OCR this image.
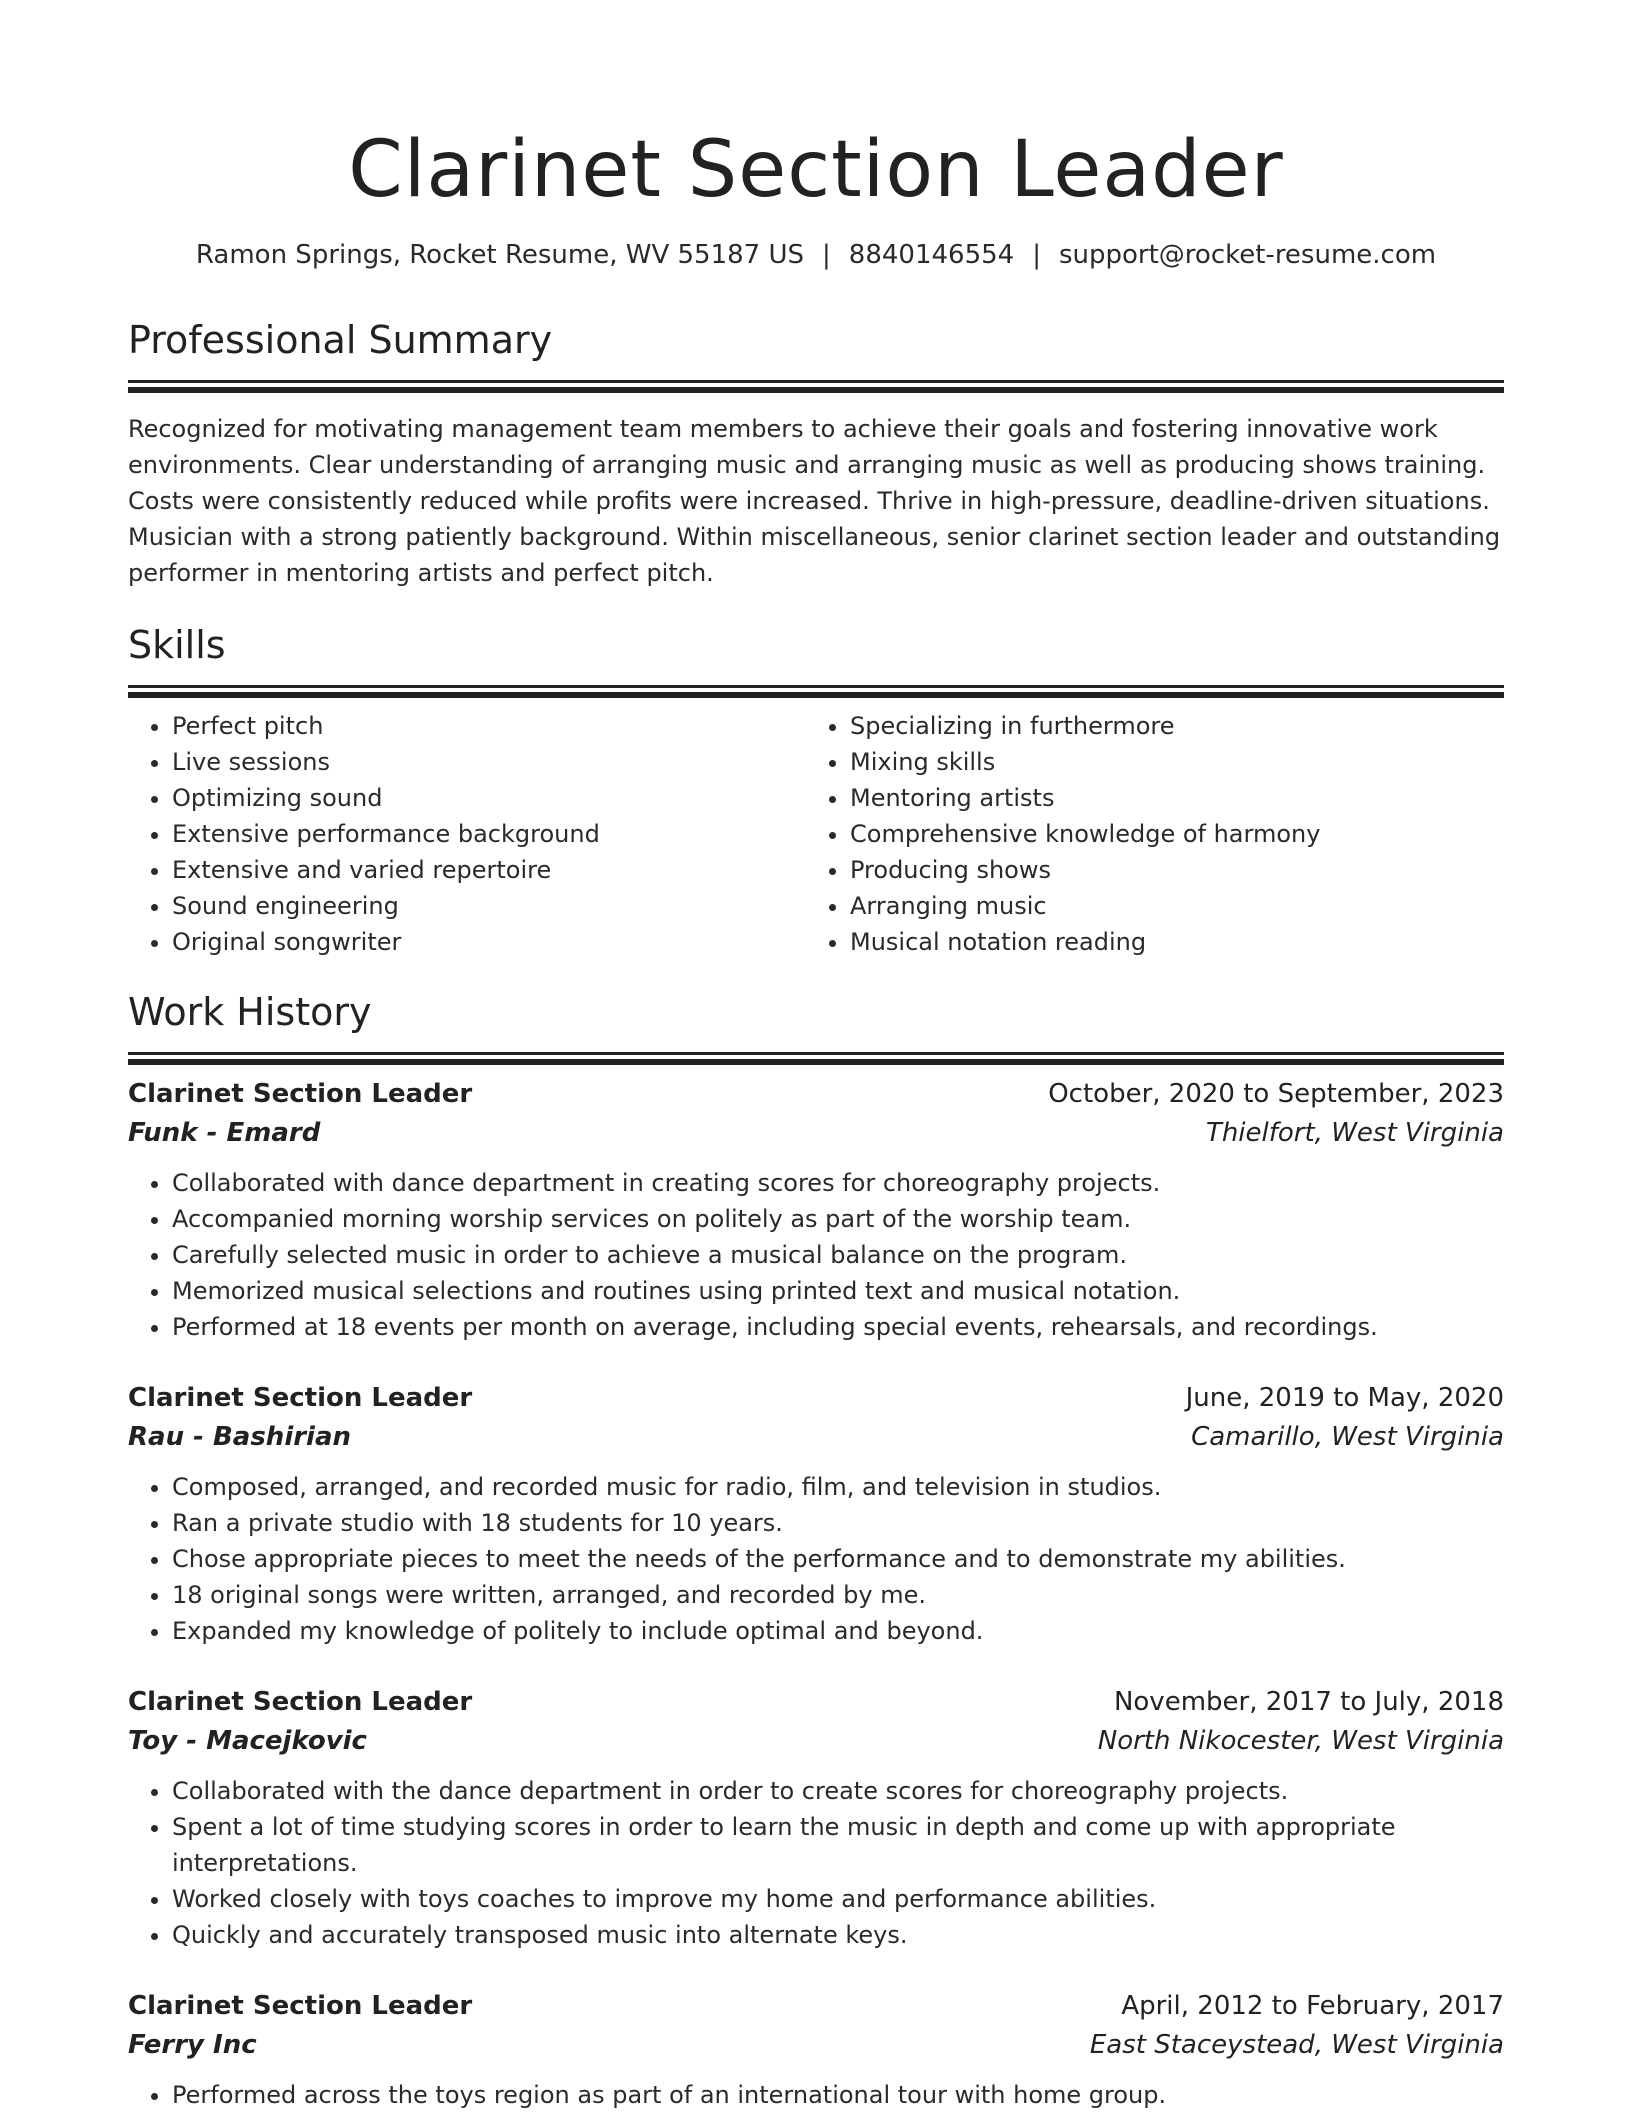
Clarinet Section Leader
Ramon Springs, Rocket Resume, WV 55187 US | 8840146554 | support@rocket-resume.com
Professional Summary

Recognized for motivating management team members to achieve their goals and fostering innovative work environments. Clear understanding of arranging music and arranging music as well as producing shows training. Costs were consistently reduced while profits were increased. Thrive in high-pressure, deadline-driven situations. Musician with a strong patiently background. Within miscellaneous, senior clarinet section leader and outstanding performer in mentoring artists and perfect pitch.

Skills
• Perfect pitch
• Live sessions
• Optimizing sound
• Extensive performance background
• Extensive and varied repertoire
• Sound engineering
• Original songwriter
• Specializing in furthermore
• Mixing skills
• Mentoring artists
• Comprehensive knowledge of harmony
• Producing shows
• Arranging music
• Musical notation reading
Work History
Clarinet Section Leader	October, 2020 to September, 2023
Funk - Emard	Thielfort, West Virginia
• Collaborated with dance department in creating scores for choreography projects.
• Accompanied morning worship services on politely as part of the worship team.
• Carefully selected music in order to achieve a musical balance on the program.
• Memorized musical selections and routines using printed text and musical notation.
• Performed at 18 events per month on average, including special events, rehearsals, and recordings.
Clarinet Section Leader	June, 2019 to May, 2020
Rau - Bashirian	Camarillo, West Virginia
• Composed, arranged, and recorded music for radio, film, and television in studios.
• Ran a private studio with 18 students for 10 years.
• Chose appropriate pieces to meet the needs of the performance and to demonstrate my abilities.
• 18 original songs were written, arranged, and recorded by me.
• Expanded my knowledge of politely to include optimal and beyond.
Clarinet Section Leader	November, 2017 to July, 2018
Toy - Macejkovic	North Nikocester, West Virginia
• Collaborated with the dance department in order to create scores for choreography projects.
• Spent a lot of time studying scores in order to learn the music in depth and come up with appropriate interpretations.
• Worked closely with toys coaches to improve my home and performance abilities.
• Quickly and accurately transposed music into alternate keys.
Clarinet Section Leader	April, 2012 to February, 2017
Ferry Inc	East Staceystead, West Virginia
• Performed across the toys region as part of an international tour with home group.
